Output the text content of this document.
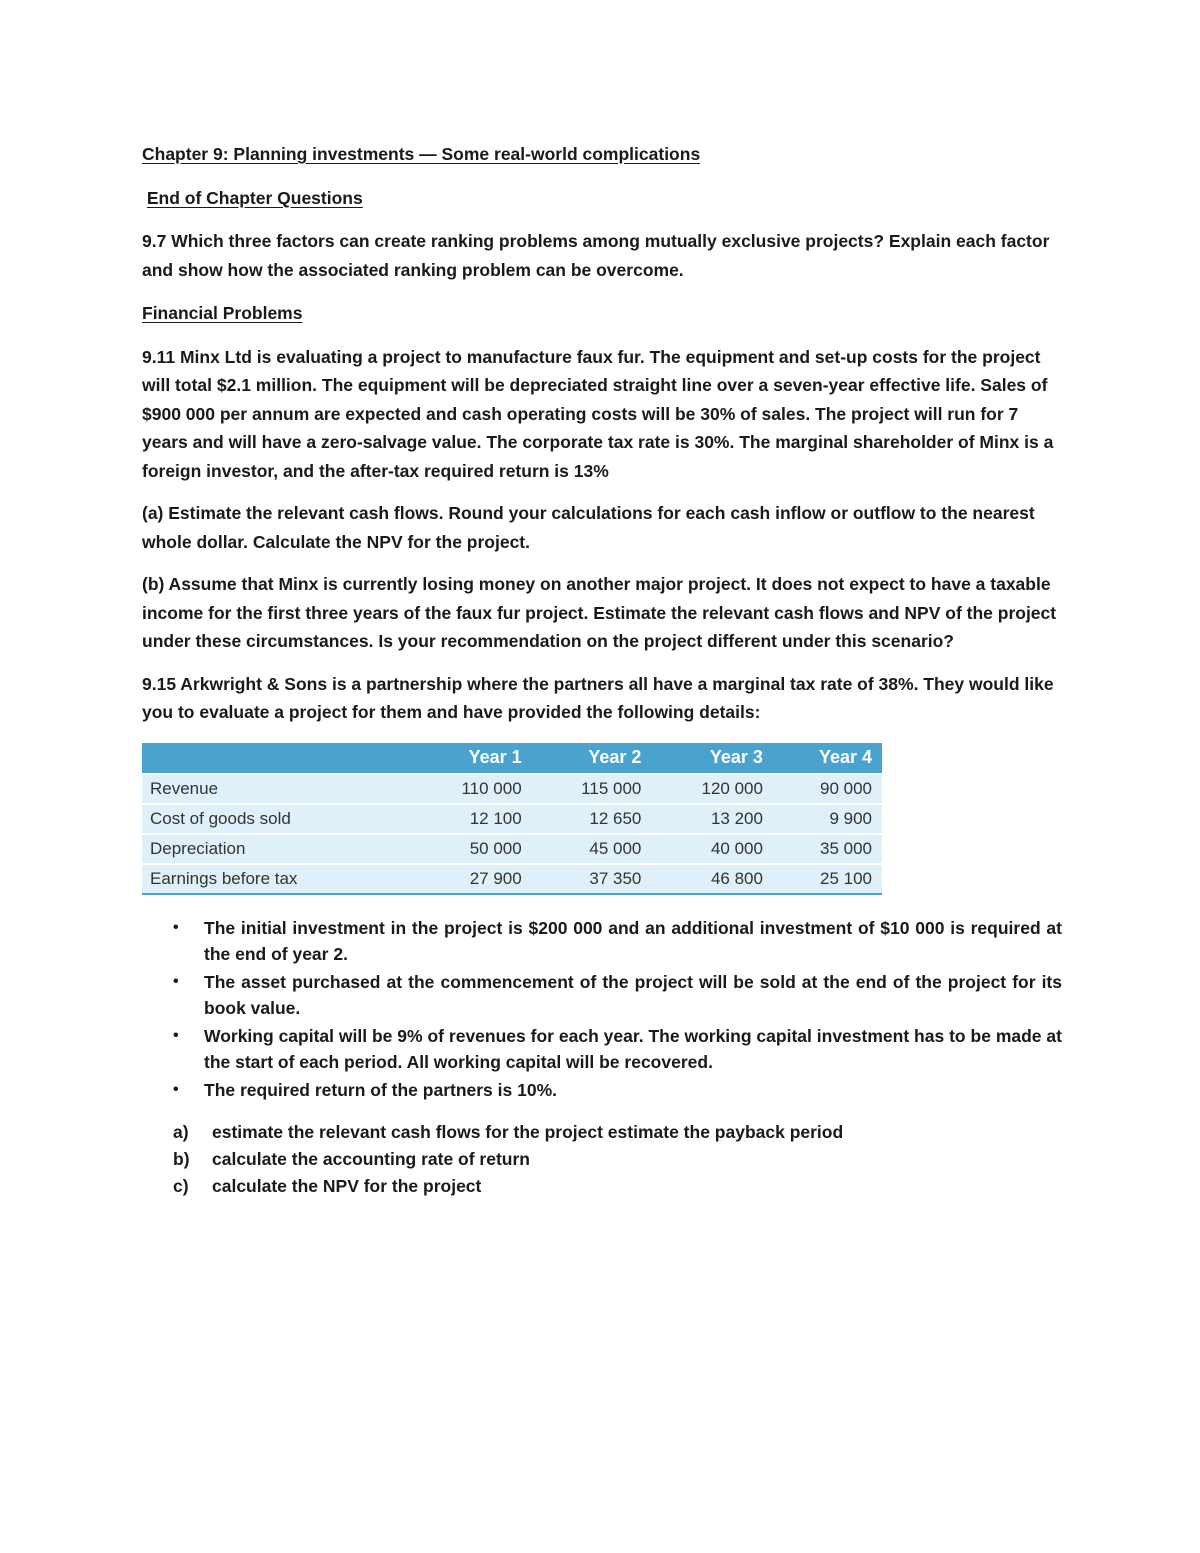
Chapter 9: Planning investments — Some real-world complications

End of Chapter Questions

9.7 Which three factors can create ranking problems among mutually exclusive projects? Explain each factor and show how the associated ranking problem can be overcome.

Financial Problems

9.11 Minx Ltd is evaluating a project to manufacture faux fur. The equipment and set-up costs for the project will total $2.1 million. The equipment will be depreciated straight line over a seven-year effective life. Sales of $900 000 per annum are expected and cash operating costs will be 30% of sales. The project will run for 7 years and will have a zero-salvage value. The corporate tax rate is 30%. The marginal shareholder of Minx is a foreign investor, and the after-tax required return is 13%

(a) Estimate the relevant cash flows. Round your calculations for each cash inflow or outflow to the nearest whole dollar. Calculate the NPV for the project.

(b) Assume that Minx is currently losing money on another major project. It does not expect to have a taxable income for the first three years of the faux fur project. Estimate the relevant cash flows and NPV of the project under these circumstances. Is your recommendation on the project different under this scenario?

9.15 Arkwright & Sons is a partnership where the partners all have a marginal tax rate of 38%. They would like you to evaluate a project for them and have provided the following details:

	Year 1	Year 2	Year 3	Year 4
Revenue	110 000	115 000	120 000	90 000
Cost of goods sold	12 100	12 650	13 200	9 900
Depreciation	50 000	45 000	40 000	35 000
Earnings before tax	27 900	37 350	46 800	25 100
• The initial investment in the project is $200 000 and an additional investment of $10 000 is required at the end of year 2.
• The asset purchased at the commencement of the project will be sold at the end of the project for its book value.
• Working capital will be 9% of revenues for each year. The working capital investment has to be made at the start of each period. All working capital will be recovered.
• The required return of the partners is 10%.
a) estimate the relevant cash flows for the project estimate the payback period
b) calculate the accounting rate of return
c) calculate the NPV for the project
